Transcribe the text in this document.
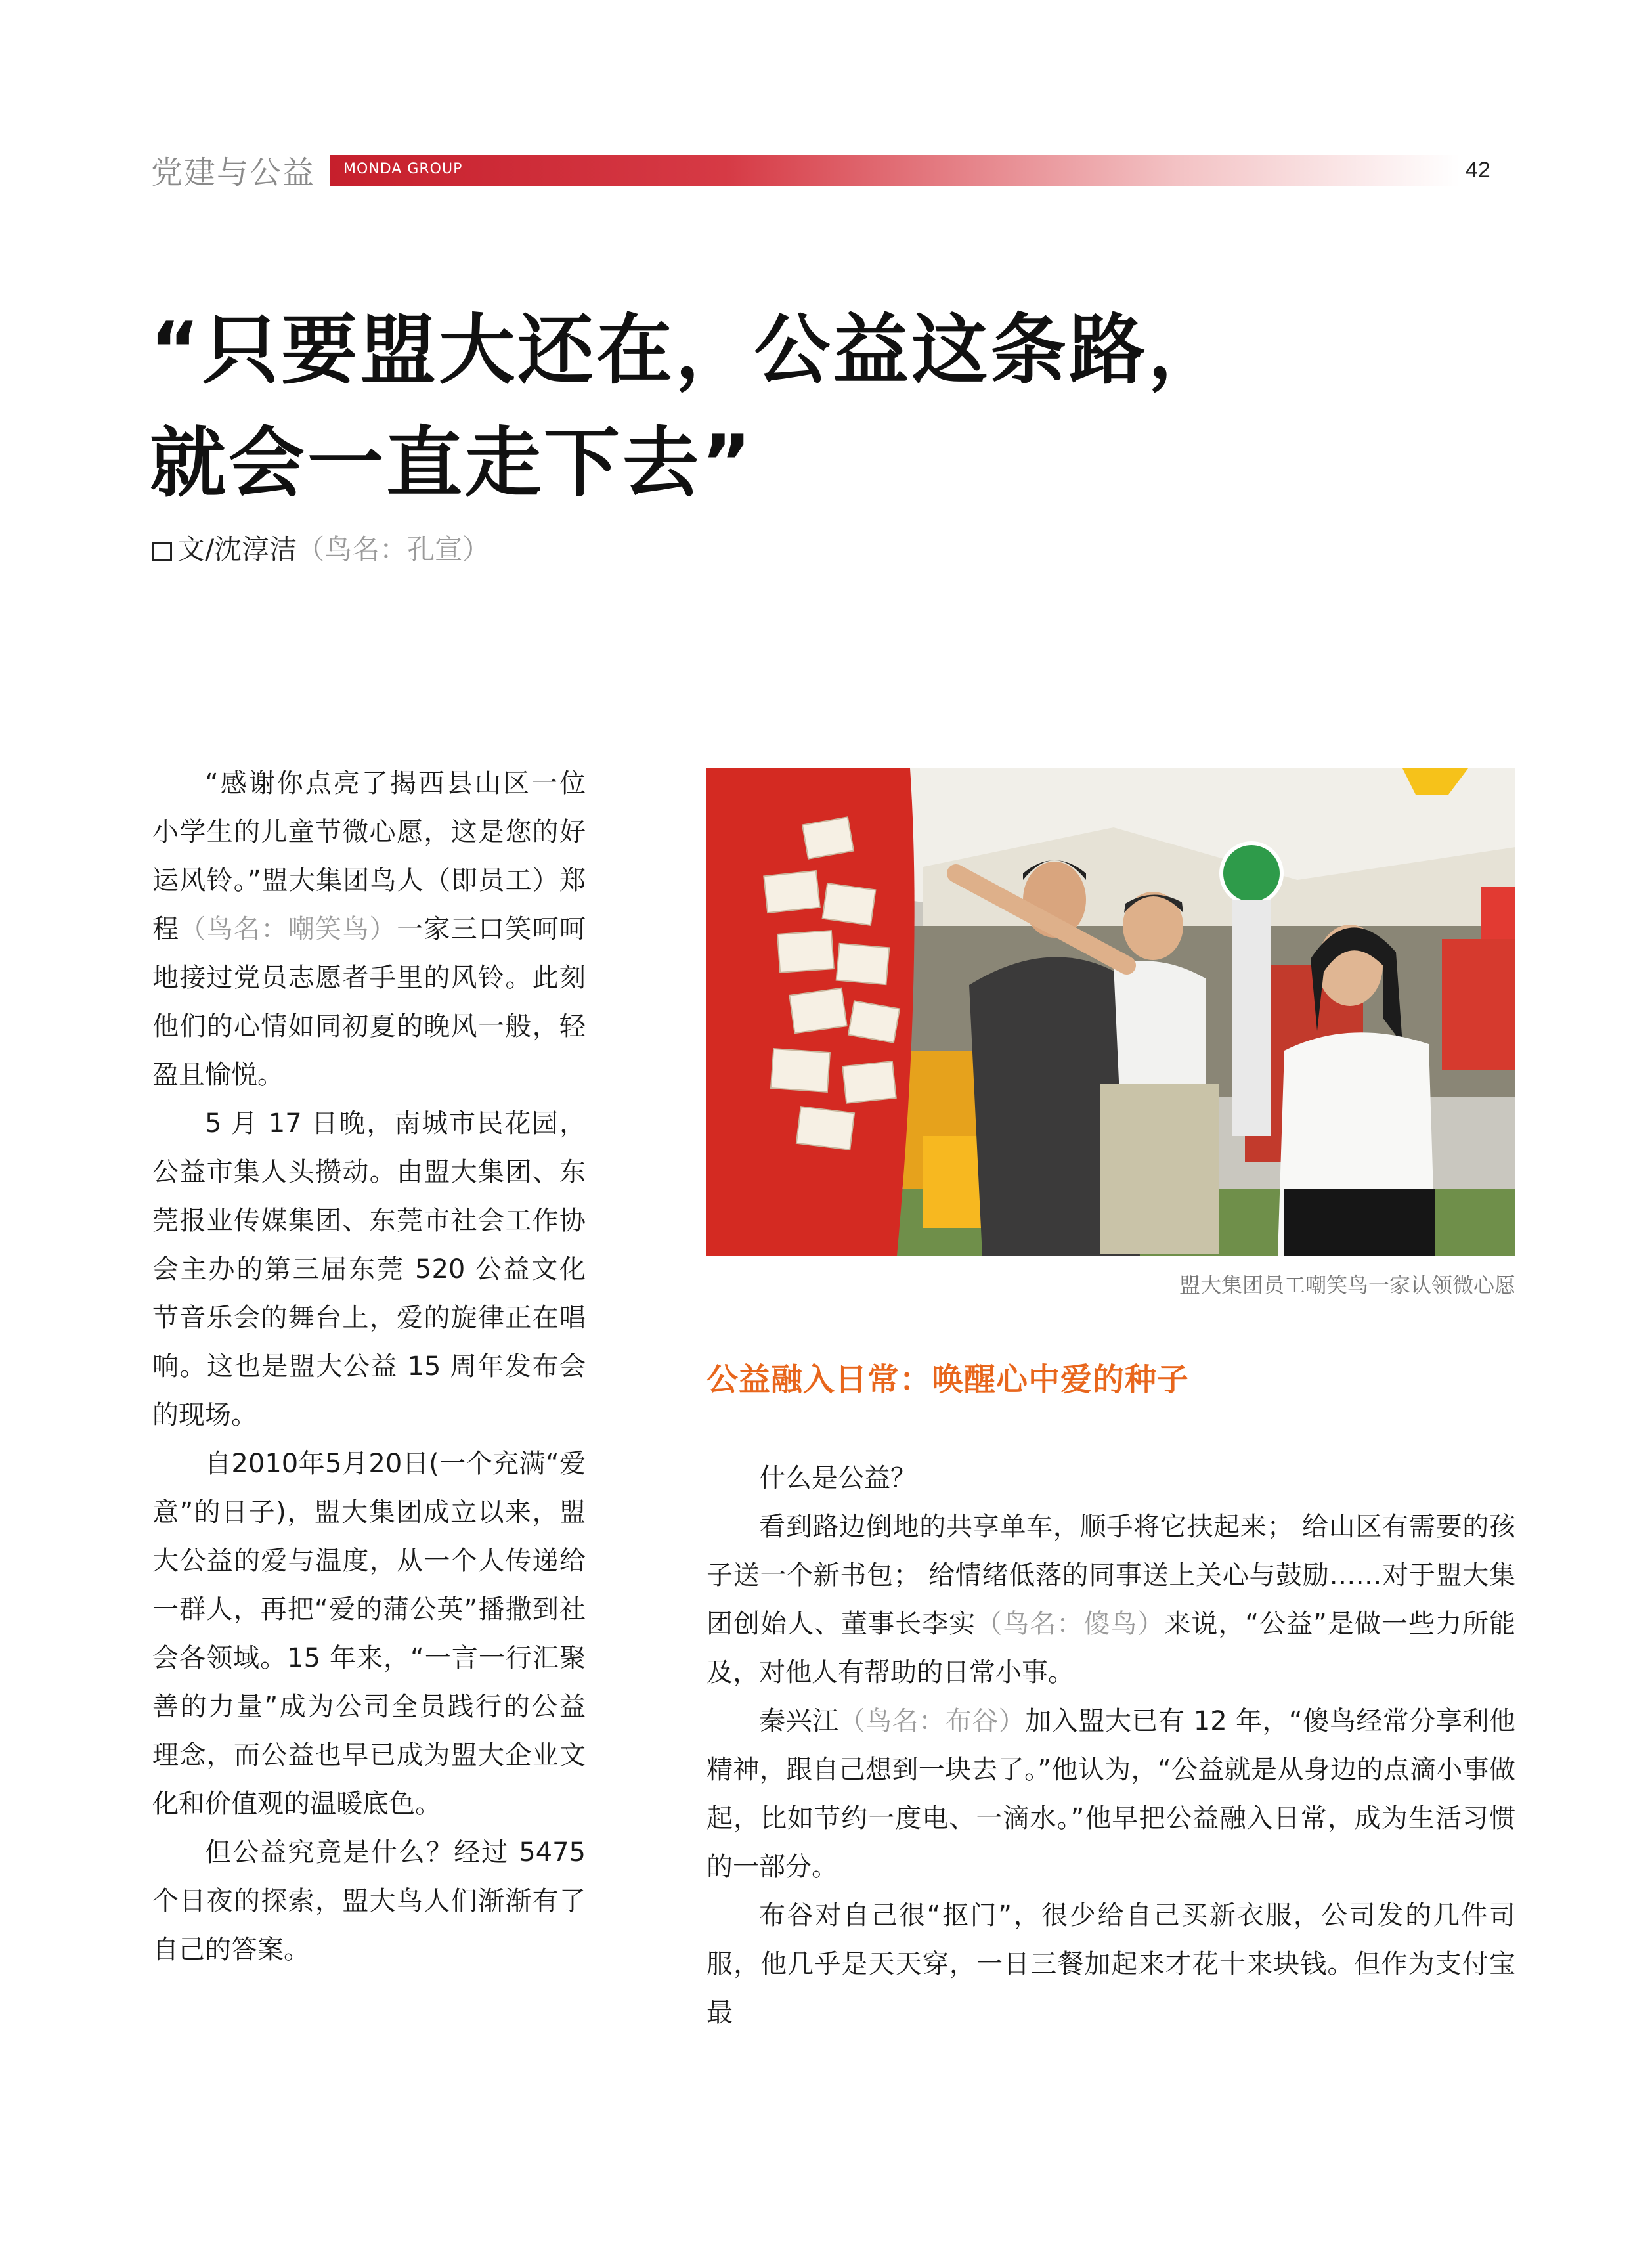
党建与公益 MONDA GROUP	42
“只要盟大还在，公益这条路，
就会一直走下去”
文/沈淳洁（鸟名：孔宣）

“感谢你点亮了揭西县山区一位小学生的儿童节微心愿，这是您的好运风铃。”盟大集团鸟人（即员工）郑程（鸟名：嘲笑鸟）一家三口笑呵呵地接过党员志愿者手里的风铃。此刻他们的心情如同初夏的晚风一般，轻盈且愉悦。

5 月 17 日晚，南城市民花园，公益市集人头攒动。由盟大集团、东莞报业传媒集团、东莞市社会工作协会主办的第三届东莞 520 公益文化节音乐会的舞台上，爱的旋律正在唱响。这也是盟大公益 15 周年发布会的现场。

自2010年5月20日(一个充满“爱意”的日子)，盟大集团成立以来，盟大公益的爱与温度，从一个人传递给一群人，再把“爱的蒲公英”播撒到社会各领域。15 年来，“一言一行汇聚善的力量”成为公司全员践行的公益理念，而公益也早已成为盟大企业文化和价值观的温暖底色。

但公益究竟是什么？经过 5475 个日夜的探索，盟大鸟人们渐渐有了自己的答案。

盟大集团员工嘲笑鸟一家认领微心愿
公益融入日常：唤醒心中爱的种子

什么是公益？

看到路边倒地的共享单车，顺手将它扶起来； 给山区有需要的孩子送一个新书包； 给情绪低落的同事送上关心与鼓励……对于盟大集团创始人、董事长李实（鸟名：傻鸟）来说，“公益”是做一些力所能及，对他人有帮助的日常小事。

秦兴江（鸟名：布谷）加入盟大已有 12 年，“傻鸟经常分享利他精神，跟自己想到一块去了。”他认为，“公益就是从身边的点滴小事做起，比如节约一度电、一滴水。”他早把公益融入日常，成为生活习惯的一部分。

布谷对自己很“抠门”，很少给自己买新衣服，公司发的几件司服，他几乎是天天穿，一日三餐加起来才花十来块钱。但作为支付宝最
